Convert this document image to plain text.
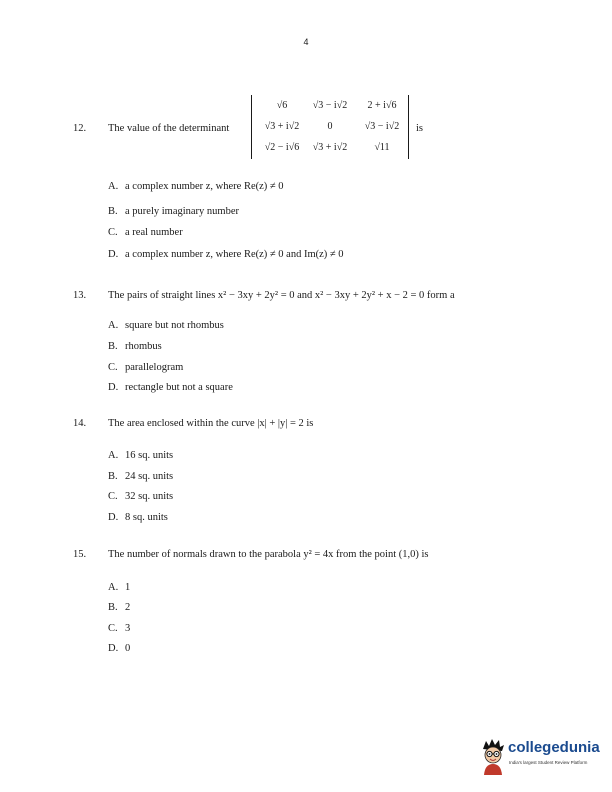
4
12. The value of the determinant
√6	√3 − i√2	2 + i√6
√3 + i√2	0	√3 − i√2
√2 − i√6	√3 + i√2	√11
is
A. a complex number z, where Re(z) ≠ 0
B. a purely imaginary number
C. a real number
D. a complex number z, where Re(z) ≠ 0 and Im(z) ≠ 0
13. The pairs of straight lines x² − 3xy + 2y² = 0 and x² − 3xy + 2y² + x − 2 = 0 form a
A. square but not rhombus
B. rhombus
C. parallelogram
D. rectangle but not a square
14. The area enclosed within the curve |x| + |y| = 2 is
A. 16 sq. units
B. 24 sq. units
C. 32 sq. units
D. 8 sq. units
15. The number of normals drawn to the parabola y² = 4x from the point (1,0) is
A. 1
B. 2
C. 3
D. 0
collegedunia
India's largest Student Review Platform
